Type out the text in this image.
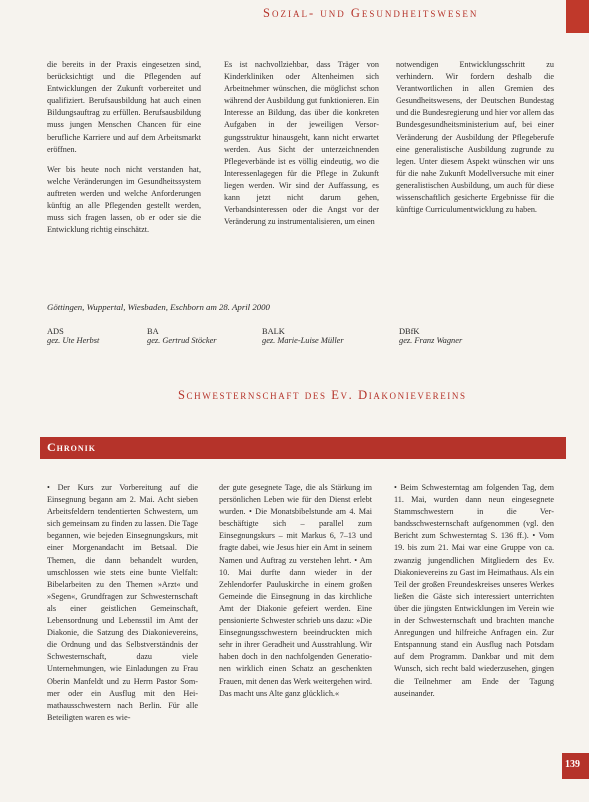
Sozial- und Gesundheitswesen

die bereits in der Praxis eingesetzen sind, berücksichtigt und die Pflegenden auf Entwicklungen der Zukunft vorbereitet und qualifiziert. Berufsausbildung hat auch einen Bildungsauftrag zu erfüllen. Berufsausbildung muss jungen Menschen Chancen für eine berufliche Karriere und auf dem Arbeitsmarkt eröffnen.

Wer bis heute noch nicht verstanden hat, welche Veränderungen im Gesundheitssystem auftreten werden und welche Anforderungen künftig an alle Pflegenden gestellt werden, muss sich fragen lassen, ob er oder sie die Entwicklung richtig einschätzt.

Es ist nachvollziehbar, dass Träger von Kinderkliniken oder Altenheimen sich Arbeitnehmer wünschen, die möglichst schon während der Ausbildung gut funktionieren. Ein Interesse an Bildung, das über die konkreten Aufgaben in der jeweiligen Versorgungsstruktur hinausgeht, kann nicht erwartet werden. Aus Sicht der unterzeichnenden Pflegeverbände ist es völlig eindeutig, wo die Interessenlagegen für die Pflege in Zukunft liegen werden. Wir sind der Auffassung, es kann jetzt nicht darum gehen, Verbandsinteressen oder die Angst vor der Veränderung zu instrumentalisieren, um einen

notwendigen Entwicklungsschritt zu verhindern. Wir fordern deshalb die Verantwortlichen in allen Gremien des Gesundheitswesens, der Deutschen Bundestag und die Bundesregierung und hier vor allem das Bundesgesundheitsministerium auf, bei einer Veränderung der Ausbildung der Pflegeberufe eine generalistische Ausbildung zugrunde zu legen. Unter diesem Aspekt wünschen wir uns für die nahe Zukunft Modellversuche mit einer generalistischen Ausbildung, um auch für diese wissenschaftlich gesicherte Ergebnisse für die künftige Curriculumentwicklung zu haben.

Göttingen, Wuppertal, Wiesbaden, Eschborn am 28. April 2000
ADS
gez. Ute Herbst
BA
gez. Gertrud Stöcker
BALK
gez. Marie-Luise Müller
DBfK
gez. Franz Wagner
Schwesternschaft des Ev. Diakonievereins
Chronik

• Der Kurs zur Vorbereitung auf die Einsegnung begann am 2. Mai. Acht sieben Arbeitsfeldern tendentierten Schwestern, um sich gemeinsam zu finden zu lassen. Die Tage begannen, wie bejeden Einsegnungskurs, mit einer Morgenandacht im Betsaal. Die Themen, die dann behandelt wurden, umschlossen wie stets eine bunte Vielfalt: Bibelarbeiten zu den Themen »Arzt« und »Segen«, Grundfragen zur Schwesternschaft als einer geistlichen Gemeinschaft, Lebensordnung und Lebensstil im Amt der Diakonie, die Satzung des Diakonievereins, die Ordnung und das Selbstverständnis der Schwesternschaft, dazu viele Unternehmungen, wie Einladungen zu Frau Oberin Manfeldt und zu Herrn Pastor Sommer oder ein Ausflug mit den Heimathausschwestern nach Berlin. Für alle Beteiligten waren es wie-

der gute gesegnete Tage, die als Stärkung im persönlichen Leben wie für den Dienst erlebt wurden. • Die Monatsbibelstunde am 4. Mai beschäftigte sich – parallel zum Einsegnungskurs – mit Markus 6, 7–13 und fragte dabei, wie Jesus hier ein Amt in seinem Namen und Auftrag zu verstehen lehrt. • Am 10. Mai durfte dann wieder in der Zehlendorfer Pauluskirche in einem großen Gemeinde die Einsegnung in das kirchliche Amt der Diakonie gefeiert werden. Eine pensionierte Schwester schrieb uns dazu: »Die Einsegnungsschwestern beeindruckten mich sehr in ihrer Geradheit und Ausstrahlung. Wir haben doch in den nachfolgenden Generationen wirklich einen Schatz an geschenkten Frauen, mit denen das Werk weitergehen wird. Das macht uns Alte ganz glücklich.«

• Beim Schwesterntag am folgenden Tag, dem 11. Mai, wurden dann neun eingesegnete Stammschwestern in die Verbandsschwesternschaft aufgenommen (vgl. den Bericht zum Schwesterntag S. 136 ff.). • Vom 19. bis zum 21. Mai war eine Gruppe von ca. zwanzig jungendlichen Mitgliedern des Ev. Diakonievereins zu Gast im Heimathaus. Als ein Teil der großen Freundeskreises unseres Werkes ließen die Gäste sich interessiert unterrichten über die jüngsten Entwicklungen im Verein wie in der Schwesternschaft und brachten manche Anregungen und hilfreiche Anfragen ein. Zur Entspannung stand ein Ausflug nach Potsdam auf dem Programm. Dankbar und mit dem Wunsch, sich recht bald wiederzusehen, gingen die Teilnehmer am Ende der Tagung auseinander.

139
